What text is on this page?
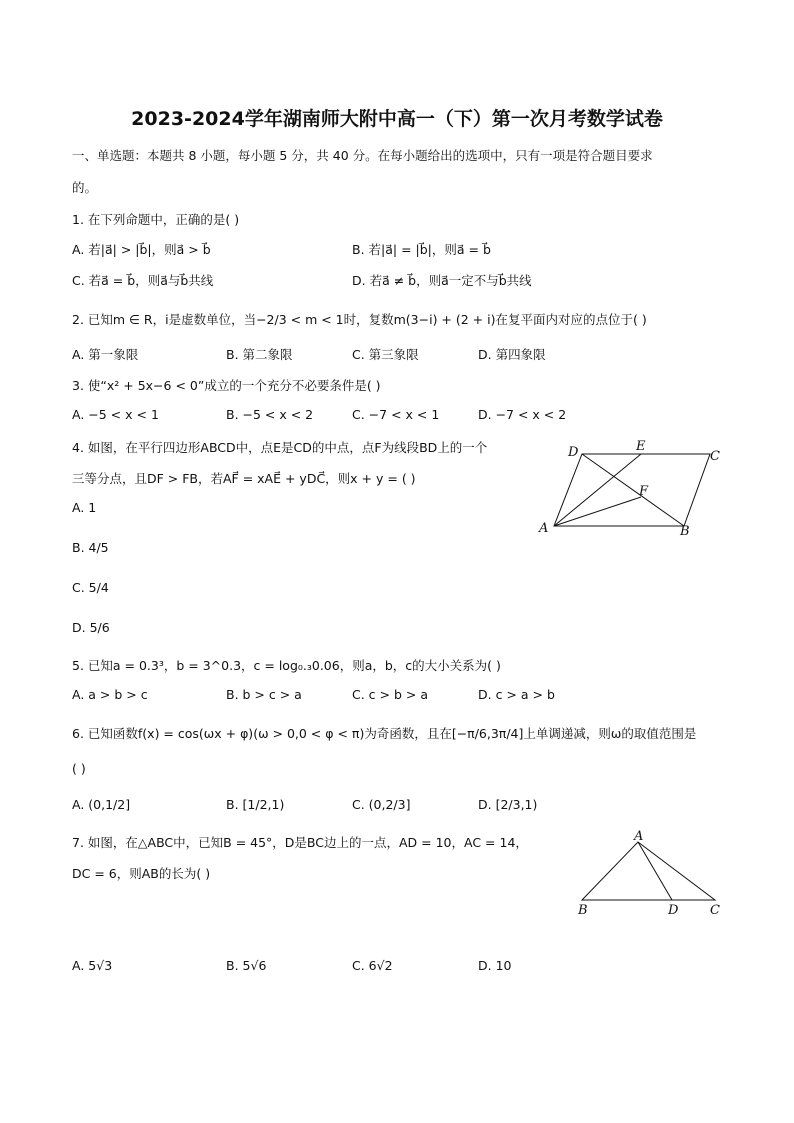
2023-2024学年湖南师大附中高一（下）第一次月考数学试卷
一、单选题：本题共 8 小题，每小题 5 分，共 40 分。在每小题给出的选项中，只有一项是符合题目要求
的。
1. 在下列命题中，正确的是( )
A. 若|a⃗| > |b⃗|，则a⃗ > b⃗	B. 若|a⃗| = |b⃗|，则a⃗ = b⃗
C. 若a⃗ = b⃗，则a⃗与b⃗共线	D. 若a⃗ ≠ b⃗，则a⃗一定不与b⃗共线
2. 已知m ∈ R，i是虚数单位，当−2/3 < m < 1时，复数m(3−i) + (2 + i)在复平面内对应的点位于( )
A. 第一象限	B. 第二象限	C. 第三象限	D. 第四象限
3. 使“x² + 5x−6 < 0”成立的一个充分不必要条件是( )
A. −5 < x < 1	B. −5 < x < 2	C. −7 < x < 1	D. −7 < x < 2
4. 如图，在平行四边形ABCD中，点E是CD的中点，点F为线段BD上的一个
三等分点，且DF > FB，若AF⃗ = xAE⃗ + yDC⃗，则x + y = ( )
A. 1
B. 4/5
C. 5/4
D. 5/6
D	E
C
F
A	B
5. 已知a = 0.3³，b = 3^0.3，c = log₀.₃0.06，则a，b，c的大小关系为( )
A. a > b > c	B. b > c > a	C. c > b > a	D. c > a > b
6. 已知函数f(x) = cos(ωx + φ)(ω > 0,0 < φ < π)为奇函数，且在[−π/6,3π/4]上单调递减，则ω的取值范围是
( )
A. (0,1/2]	B. [1/2,1)	C. (0,2/3]	D. [2/3,1)
7. 如图，在△ABC中，已知B = 45°，D是BC边上的一点，AD = 10，AC = 14，
DC = 6，则AB的长为( )
A
B	D C
A. 5√3	B. 5√6	C. 6√2	D. 10
